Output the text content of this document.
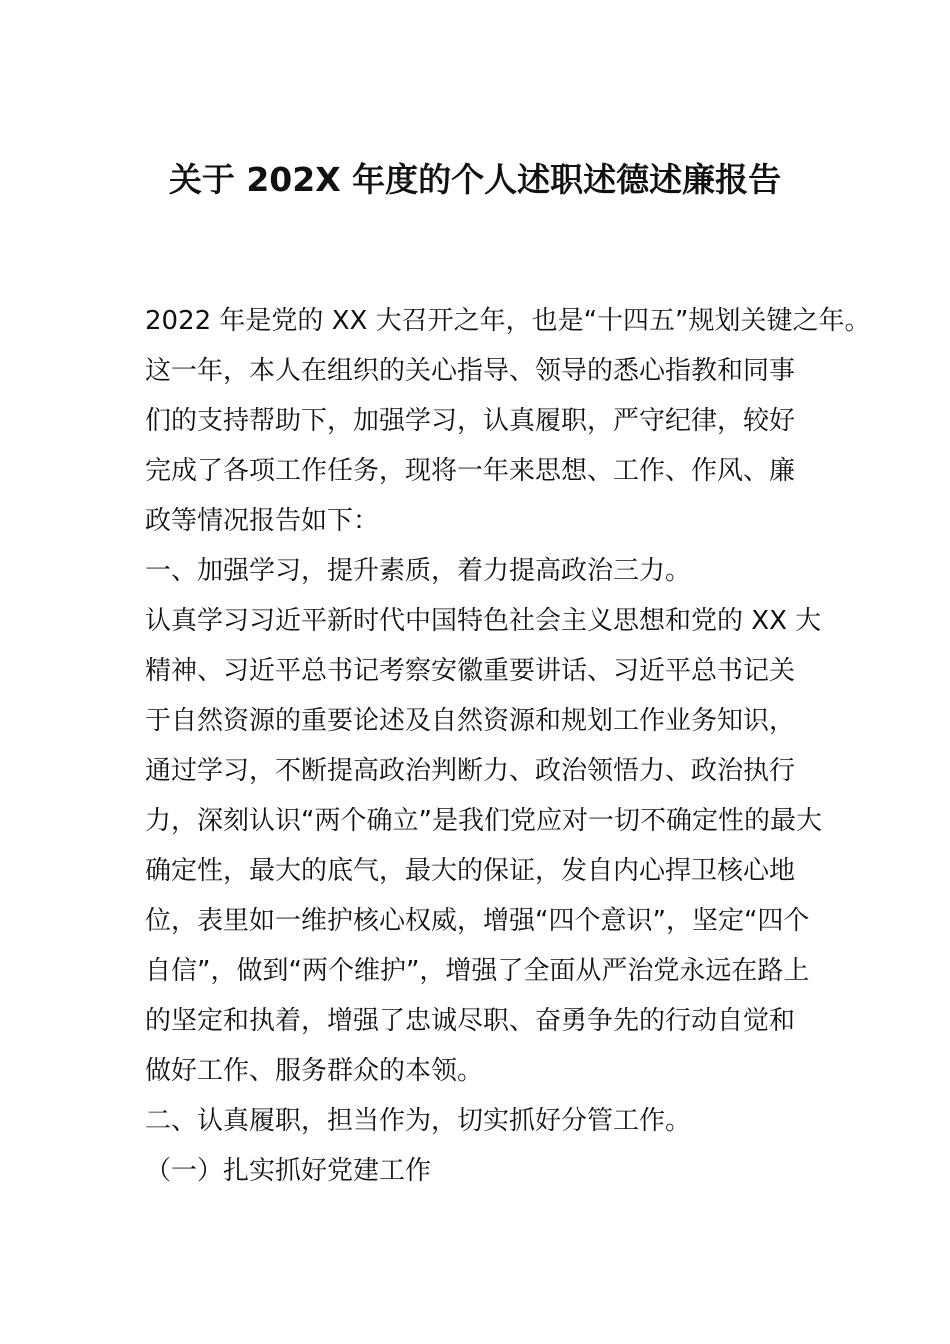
关于 202X 年度的个人述职述德述廉报告
2022 年是党的 XX 大召开之年，也是“十四五”规划关键之年。
这一年，本人在组织的关心指导、领导的悉心指教和同事
们的支持帮助下，加强学习，认真履职，严守纪律，较好
完成了各项工作任务，现将一年来思想、工作、作风、廉
政等情况报告如下：
一、加强学习，提升素质，着力提高政治三力。
认真学习习近平新时代中国特色社会主义思想和党的 XX 大
精神、习近平总书记考察安徽重要讲话、习近平总书记关
于自然资源的重要论述及自然资源和规划工作业务知识，
通过学习，不断提高政治判断力、政治领悟力、政治执行
力，深刻认识“两个确立”是我们党应对一切不确定性的最大
确定性，最大的底气，最大的保证，发自内心捍卫核心地
位，表里如一维护核心权威，增强“四个意识”，坚定“四个
自信”，做到“两个维护”，增强了全面从严治党永远在路上
的坚定和执着，增强了忠诚尽职、奋勇争先的行动自觉和
做好工作、服务群众的本领。
二、认真履职，担当作为，切实抓好分管工作。
（一）扎实抓好党建工作
